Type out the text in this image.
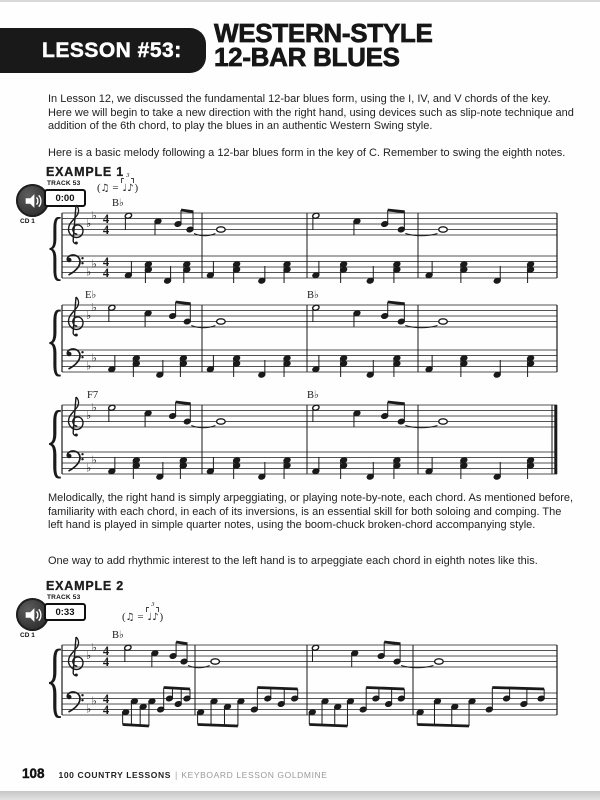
LESSON #53:
WESTERN-STYLE
12-BAR BLUES
In Lesson 12, we discussed the fundamental 12-bar blues form, using the I, IV, and V chords of the key. Here we will begin to take a new direction with the right hand, using devices such as slip-note technique and addition of the 6th chord, to play the blues in an authentic Western Swing style.
Here is a basic melody following a 12-bar blues form in the key of C. Remember to swing the eighth notes.
EXAMPLE 1
TRACK 53
0:00
CD 1
(♫ =
3
♩♪)
{ ♭
♭
♭
♭
4
4
4
4
B♭
{ ♭
♭
♭
♭
E♭	B♭
{ ♭
♭
♭
♭
F7	B♭
Melodically, the right hand is simply arpeggiating, or playing note-by-note, each chord. As mentioned before, familiarity with each chord, in each of its inversions, is an essential skill for both soloing and comping. The left hand is played in simple quarter notes, using the boom-chuck broken-chord accompanying style.
One way to add rhythmic interest to the left hand is to arpeggiate each chord in eighth notes like this.
EXAMPLE 2
TRACK 53
0:33
CD 1
(♫ =
3
♩♪)
{ ♭
♭
♭
♭
4
4
4
4
B♭
108 100 COUNTRY LESSONS | KEYBOARD LESSON GOLDMINE
